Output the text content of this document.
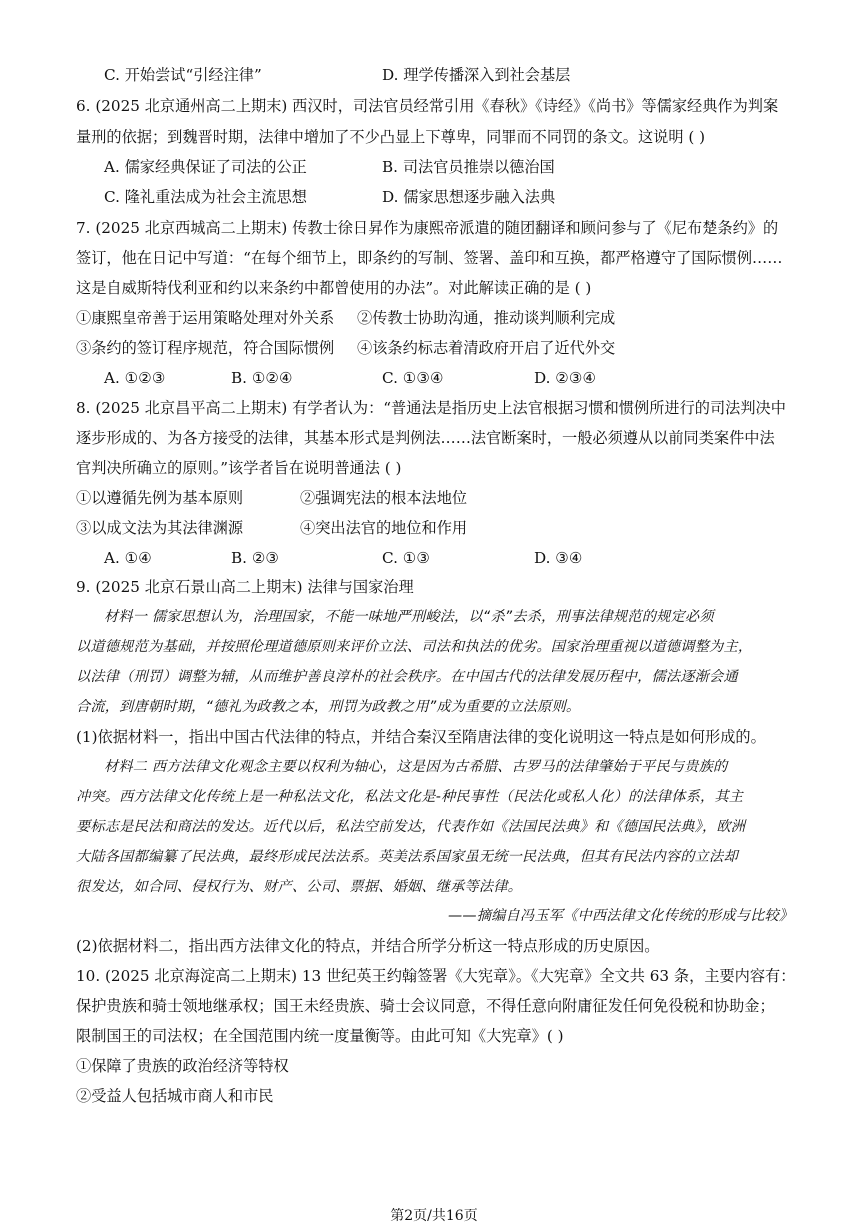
C. 开始尝试“引经注律”	D. 理学传播深入到社会基层
6. (2025 北京通州高二上期末) 西汉时，司法官员经常引用《春秋》《诗经》《尚书》等儒家经典作为判案
量刑的依据；到魏晋时期，法律中增加了不少凸显上下尊卑，同罪而不同罚的条文。这说明 ( )
A. 儒家经典保证了司法的公正	B. 司法官员推崇以德治国
C. 隆礼重法成为社会主流思想	D. 儒家思想逐步融入法典
7. (2025 北京西城高二上期末) 传教士徐日昇作为康熙帝派遣的随团翻译和顾问参与了《尼布楚条约》的
签订，他在日记中写道：“在每个细节上，即条约的写制、签署、盖印和互换，都严格遵守了国际惯例……
这是自威斯特伐利亚和约以来条约中都曾使用的办法”。对此解读正确的是 ( )
①康熙皇帝善于运用策略处理对外关系 ②传教士协助沟通，推动谈判顺利完成
③条约的签订程序规范，符合国际惯例 ④该条约标志着清政府开启了近代外交
A. ①②③	B. ①②④	C. ①③④	D. ②③④
8. (2025 北京昌平高二上期末) 有学者认为：“普通法是指历史上法官根据习惯和惯例所进行的司法判决中
逐步形成的、为各方接受的法律，其基本形式是判例法……法官断案时，一般必须遵从以前同类案件中法
官判决所确立的原则。”该学者旨在说明普通法 ( )
①以遵循先例为基本原则	②强调宪法的根本法地位
③以成文法为其法律渊源	④突出法官的地位和作用
A. ①④	B. ②③	C. ①③	D. ③④
9. (2025 北京石景山高二上期末) 法律与国家治理
材料一 儒家思想认为，治理国家，不能一味地严刑峻法，以“杀”去杀，刑事法律规范的规定必须
以道德规范为基础，并按照伦理道德原则来评价立法、司法和执法的优劣。国家治理重视以道德调整为主，
以法律（刑罚）调整为辅，从而维护善良淳朴的社会秩序。在中国古代的法律发展历程中，儒法逐渐会通
合流，到唐朝时期，“德礼为政教之本，刑罚为政教之用”成为重要的立法原则。
(1)依据材料一，指出中国古代法律的特点，并结合秦汉至隋唐法律的变化说明这一特点是如何形成的。
材料二 西方法律文化观念主要以权利为轴心，这是因为古希腊、古罗马的法律肇始于平民与贵族的
冲突。西方法律文化传统上是一种私法文化，私法文化是-种民事性（民法化或私人化）的法律体系，其主
要标志是民法和商法的发达。近代以后，私法空前发达，代表作如《法国民法典》和《德国民法典》，欧洲
大陆各国都编纂了民法典，最终形成民法法系。英美法系国家虽无统一民法典，但其有民法内容的立法却
很发达，如合同、侵权行为、财产、公司、票据、婚姻、继承等法律。
——摘编自冯玉军《中西法律文化传统的形成与比较》
(2)依据材料二，指出西方法律文化的特点，并结合所学分析这一特点形成的历史原因。
10. (2025 北京海淀高二上期末) 13 世纪英王约翰签署《大宪章》。《大宪章》全文共 63 条，主要内容有：
保护贵族和骑士领地继承权；国王未经贵族、骑士会议同意，不得任意向附庸征发任何免役税和协助金；
限制国王的司法权；在全国范围内统一度量衡等。由此可知《大宪章》( )
①保障了贵族的政治经济等特权
②受益人包括城市商人和市民
第2页/共16页
